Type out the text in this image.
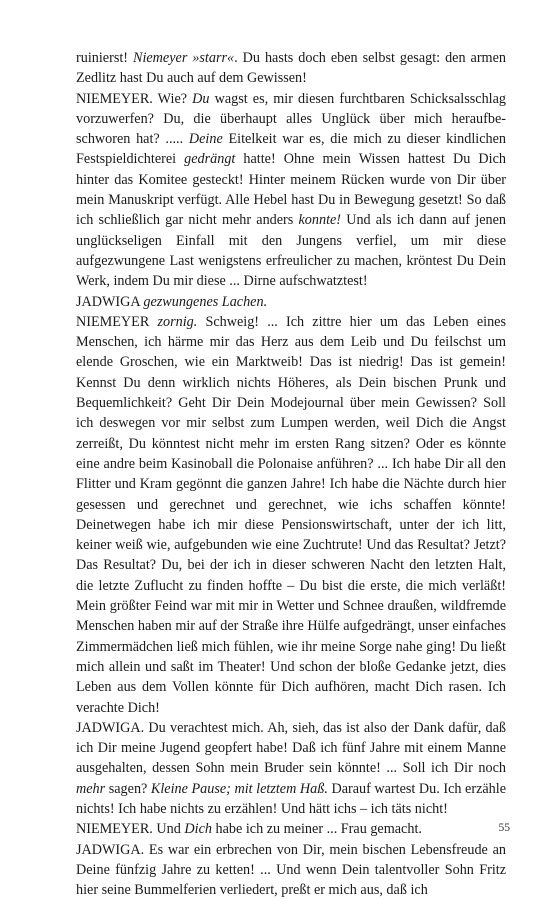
ruinierst! Niemeyer »starr«. Du hasts doch eben selbst gesagt: den armen Zedlitz hast Du auch auf dem Gewissen!

NIEMEYER. Wie? Du wagst es, mir diesen furchtbaren Schicksalsschlag vorzuwerfen? Du, die überhaupt alles Unglück über mich heraufbeschworen hat? ..... Deine Eitelkeit war es, die mich zu dieser kindlichen Festspieldichterei gedrängt hatte! Ohne mein Wissen hattest Du Dich hinter das Komitee gesteckt! Hinter meinem Rücken wurde von Dir über mein Manuskript verfügt. Alle Hebel hast Du in Bewegung gesetzt! So daß ich schließlich gar nicht mehr anders konnte! Und als ich dann auf jenen unglückseligen Einfall mit den Jungens verfiel, um mir diese aufgezwungene Last wenigstens erfreulicher zu machen, kröntest Du Dein Werk, indem Du mir diese ... Dirne aufschwatztest!

JADWIGA gezwungenes Lachen.

NIEMEYER zornig. Schweig! ... Ich zittre hier um das Leben eines Menschen, ich härme mir das Herz aus dem Leib und Du feilschst um elende Groschen, wie ein Marktweib! Das ist niedrig! Das ist gemein! Kennst Du denn wirklich nichts Höheres, als Dein bischen Prunk und Bequemlichkeit? Geht Dir Dein Modejournal über mein Gewissen? Soll ich deswegen vor mir selbst zum Lumpen werden, weil Dich die Angst zerreißt, Du könntest nicht mehr im ersten Rang sitzen? Oder es könnte eine andre beim Kasinoball die Polonaise anführen? ... Ich habe Dir all den Flitter und Kram gegönnt die ganzen Jahre! Ich habe die Nächte durch hier gesessen und gerechnet und gerechnet, wie ichs schaffen könnte! Deinetwegen habe ich mir diese Pensionswirtschaft, unter der ich litt, keiner weiß wie, aufgebunden wie eine Zuchtrute! Und das Resultat? Jetzt? Das Resultat? Du, bei der ich in dieser schweren Nacht den letzten Halt, die letzte Zuflucht zu finden hoffte – Du bist die erste, die mich verläßt! Mein größter Feind war mit mir in Wetter und Schnee draußen, wildfremde Menschen haben mir auf der Straße ihre Hülfe aufgedrängt, unser einfaches Zimmermädchen ließ mich fühlen, wie ihr meine Sorge nahe ging! Du ließt mich allein und saßt im Theater! Und schon der bloße Gedanke jetzt, dies Leben aus dem Vollen könnte für Dich aufhören, macht Dich rasen. Ich verachte Dich!

JADWIGA. Du verachtest mich. Ah, sieh, das ist also der Dank dafür, daß ich Dir meine Jugend geopfert habe! Daß ich fünf Jahre mit einem Manne ausgehalten, dessen Sohn mein Bruder sein könnte! ... Soll ich Dir noch mehr sagen? Kleine Pause; mit letztem Haß. Darauf wartest Du. Ich erzähle nichts! Ich habe nichts zu erzählen! Und hätt ichs – ich täts nicht!

NIEMEYER. Und Dich habe ich zu meiner ... Frau gemacht.

JADWIGA. Es war ein erbrechen von Dir, mein bischen Lebensfreude an Deine fünfzig Jahre zu ketten! ... Und wenn Dein talentvoller Sohn Fritz hier seine Bummelferien verliedert, preßt er mich aus, daß ich

55
